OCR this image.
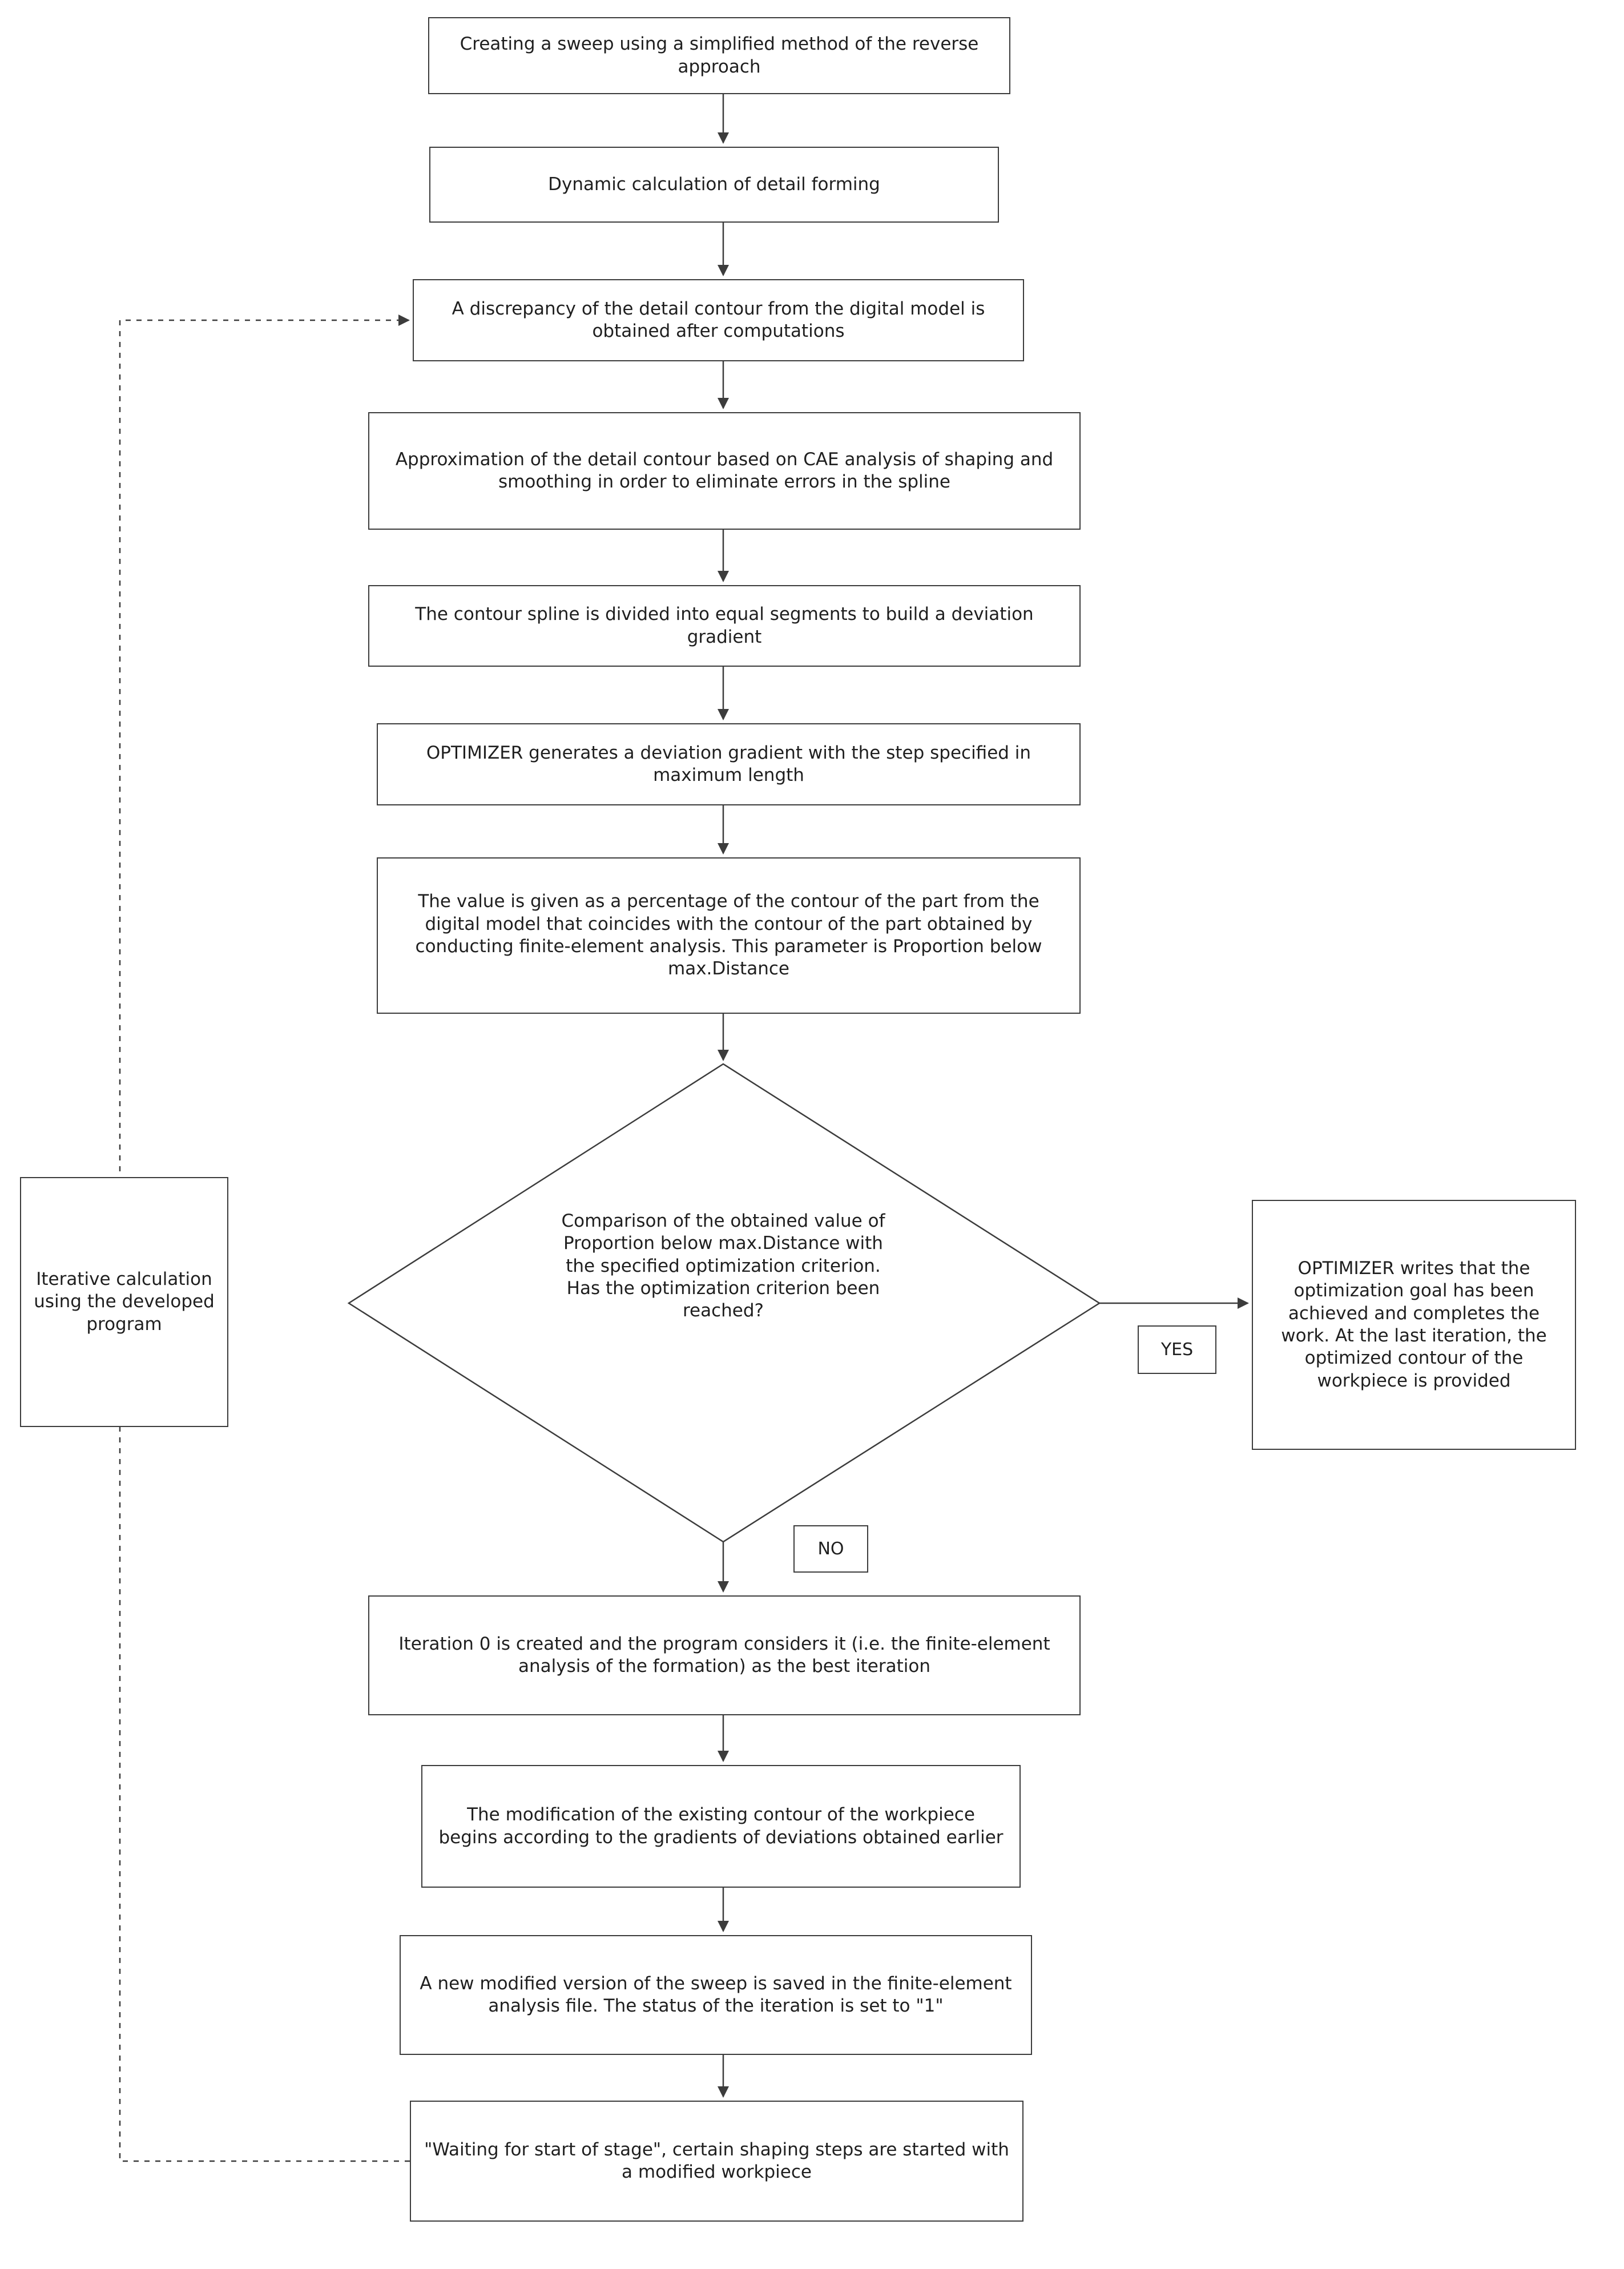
Creating a sweep using a simplified method of the reverse approach
Dynamic calculation of detail forming
A discrepancy of the detail contour from the digital model is obtained after computations
Approximation of the detail contour based on CAE analysis of shaping and smoothing in order to eliminate errors in the spline
The contour spline is divided into equal segments to build a deviation gradient
OPTIMIZER generates a deviation gradient with the step specified in maximum length
The value is given as a percentage of the contour of the part from the digital model that coincides with the contour of the part obtained by conducting finite-element analysis. This parameter is Proportion below max.Distance
Comparison of the obtained value of Proportion below max.Distance with the specified optimization criterion. Has the optimization criterion been reached?
OPTIMIZER writes that the optimization goal has been achieved and completes the work. At the last iteration, the optimized contour of the workpiece is provided
YES
NO
Iteration 0 is created and the program considers it (i.e. the finite-element analysis of the formation) as the best iteration
The modification of the existing contour of the workpiece begins according to the gradients of deviations obtained earlier
A new modified version of the sweep is saved in the finite-element analysis file. The status of the iteration is set to "1"
"Waiting for start of stage", certain shaping steps are started with a modified workpiece
Iterative calculation using the developed program
